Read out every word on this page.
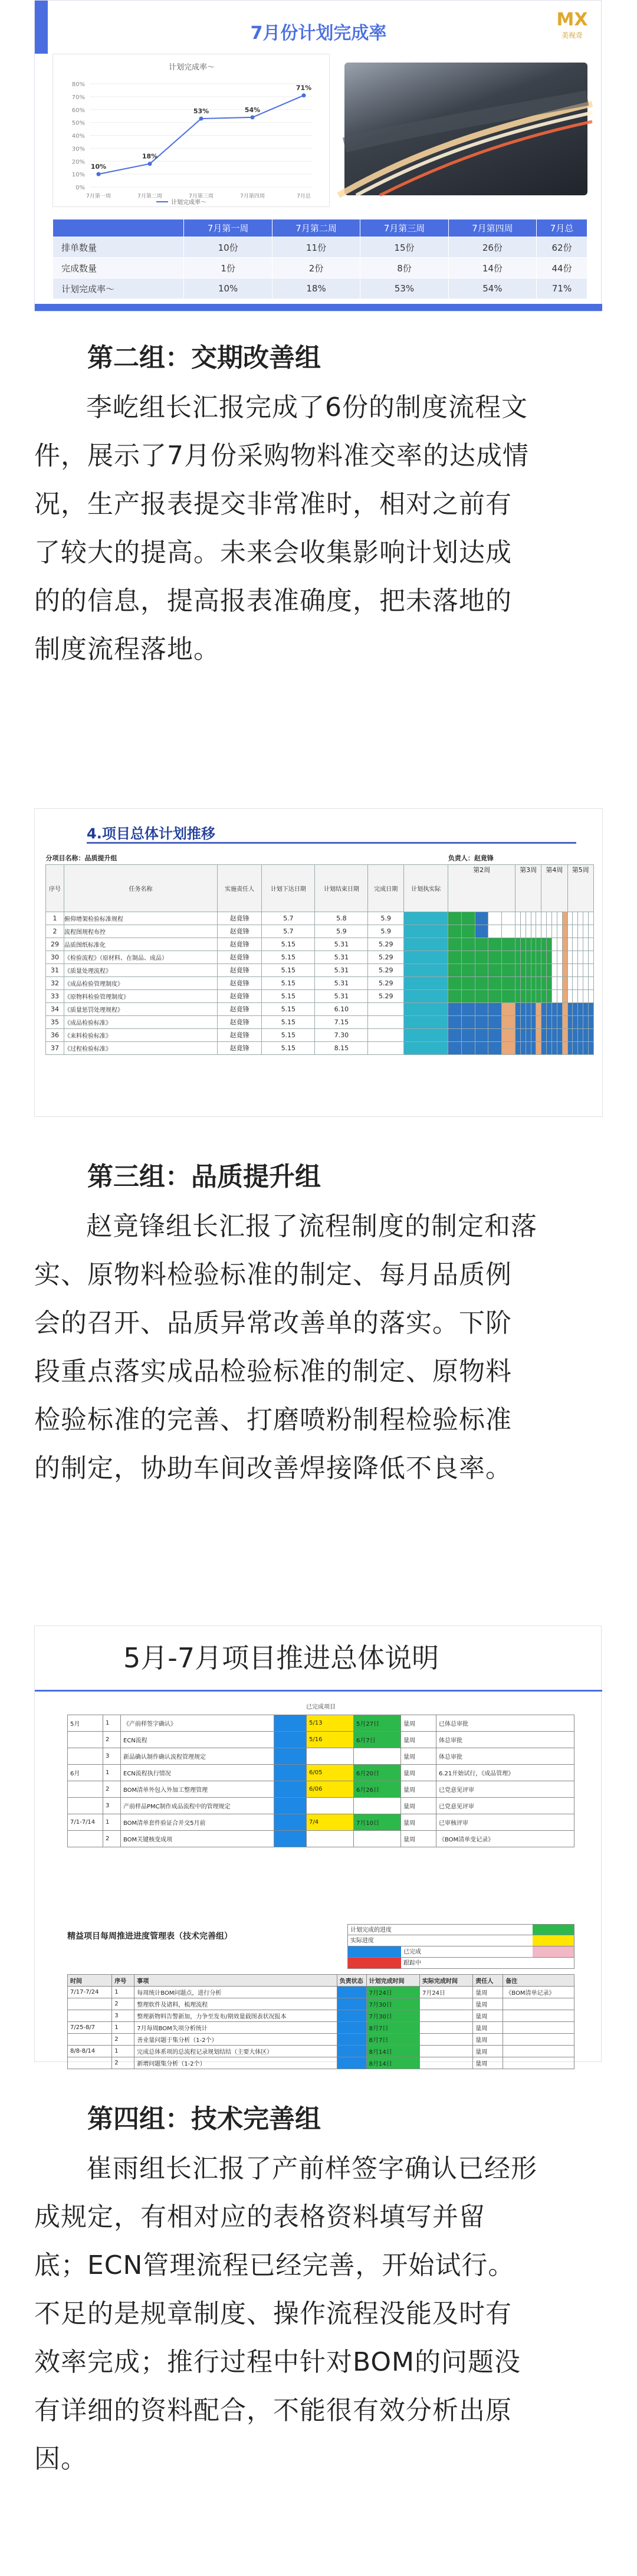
7月份计划完成率
MX
美视奇
计划完成率～
80%
70%
60%
50%
40%
30%
20%
10%
0%
10%
7月第一周
18%
7月第二周
53%
7月第三周
54%
7月第四周
71%
7月总
计划完成率～
	7月第一周	7月第二周	7月第三周	7月第四周	7月总
排单数量	10份	11份	15份	26份	62份
完成数量	1份	2份	8份	14份	44份
计划完成率～	10%	18%	53%	54%	71%
第二组：交期改善组
李屹组长汇报完成了6份的制度流程文
件，展示了7月份采购物料准交率的达成情
况，生产报表提交非常准时，相对之前有
了较大的提高。未来会收集影响计划达成
的的信息，提高报表准确度，把未落地的
制度流程落地。
4.项目总体计划推移
分项目名称：品质提升组							负责人：赵竟锋																			
序号	任务名称	实施责任人	计划下达日期	计划结束日期	完成日期	计划执实际	第2周					第3周					第4周					第5周				
1	俯仰增架检验标准规程	赵竟锋	5.7	5.8	5.9																					
2	流程图规程布控	赵竟锋	5.7	5.9	5.9																					
29	品质图纸标准化	赵竟锋	5.15	5.31	5.29																					
30	《检验流程》（原材料、在制品、成品）	赵竟锋	5.15	5.31	5.29																					
31	《质量处理流程》	赵竟锋	5.15	5.31	5.29																					
32	《成品检验管理制度》	赵竟锋	5.15	5.31	5.29																					
33	《原物料检验管理制度》	赵竟锋	5.15	5.31	5.29																					
34	《质量惩罚处理规程》	赵竟锋	5.15	6.10																						
35	《成品检验标准》	赵竟锋	5.15	7.15																						
36	《来料检验标准》	赵竟锋	5.15	7.30																						
37	《过程检验标准》	赵竟锋	5.15	8.15																						
第三组：品质提升组
赵竟锋组长汇报了流程制度的制定和落
实、原物料检验标准的制定、每月品质例
会的召开、品质异常改善单的落实。下阶
段重点落实成品检验标准的制定、原物料
检验标准的完善、打磨喷粉制程检验标准
的制定，协助车间改善焊接降低不良率。
5月-7月项目推进总体说明
已完成项目							
5月	1	《产前样签字确认》		5/13	5月27日	量周	已体总审批
	2	ECN流程		5/16	6月7日	量周	体总审批
	3	新品确认制作确认流程管理规定				量周	体总审批
6月	1	ECN流程执行情况		6/05	6月20日	量周	6.21开始试行，《成品管理》
	2	BOM清单外包入外加工整理管理		6/06	6月26日	量周	已党意见评审
	3	产前样品PMC制作成品流程中的管理规定				量周	已党意见评审
7/1-7/14	1	BOM清单套件验证合并交5月前		7/4	7月10日	量周	已审核评审
	2	BOM关键核变成项				量周	《BOM清单变记录》
精益项目每周推进进度管理表（技术完善组）
计划完成的进度
实际进度
已完成
跟踪中
时间	序号	事项	负责状态	计划完成时间	实际完成时间	责任人	备注
7/17-7/24	1	每周统计BOM问题点，进行分析		7月24日	7月24日	量周	《BOM清单记录》
	2	整理软件及诸料，梳理流程		7月30日		量周	
	3	整理新物料告警新加，力争至发布/期效量载图表状况报本		7月30日		量周	
7/25-8/7	1	7月每周BOM失项分析统计		8月7日		量周	
	2	善业量问题于集分析（1-2个）		8月7日		量周	
8/8-8/14	1	完成总体系项的总流程记录规划结结（主要大体区）		8月14日		量周	
	2	新增问题集分析（1-2个）		8月14日		量周	
第四组：技术完善组
崔雨组长汇报了产前样签字确认已经形
成规定，有相对应的表格资料填写并留
底；ECN管理流程已经完善，开始试行。
不足的是规章制度、操作流程没能及时有
效率完成；推行过程中针对BOM的问题没
有详细的资料配合，不能很有效分析出原
因。
